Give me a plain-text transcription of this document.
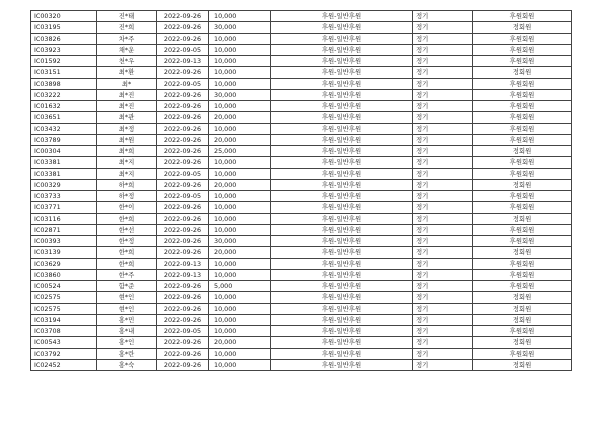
IC00320	진*태	2022-09-26	10,000	후원-일반후원	정기	후원회원
IC03195	진*희	2022-09-26	30,000	후원-일반후원	정기	정회원
IC03826	차*주	2022-09-26	10,000	후원-일반후원	정기	후원회원
IC03923	채*운	2022-09-05	10,000	후원-일반후원	정기	후원회원
IC01592	천*우	2022-09-13	10,000	후원-일반후원	정기	후원회원
IC03151	최*환	2022-09-26	10,000	후원-일반후원	정기	정회원
IC03898	최*	2022-09-05	10,000	후원-일반후원	정기	후원회원
IC03222	최*진	2022-09-26	30,000	후원-일반후원	정기	후원회원
IC01632	최*진	2022-09-26	10,000	후원-일반후원	정기	후원회원
IC03651	최*관	2022-09-26	20,000	후원-일반후원	정기	후원회원
IC03432	최*정	2022-09-26	10,000	후원-일반후원	정기	후원회원
IC03789	최*원	2022-09-26	20,000	후원-일반후원	정기	후원회원
IC00304	최*희	2022-09-26	25,000	후원-일반후원	정기	정회원
IC03381	최*지	2022-09-26	10,000	후원-일반후원	정기	후원회원
IC03381	최*지	2022-09-05	10,000	후원-일반후원	정기	후원회원
IC00329	하*희	2022-09-26	20,000	후원-일반후원	정기	정회원
IC03733	하*정	2022-09-05	10,000	후원-일반후원	정기	후원회원
IC03771	한*이	2022-09-26	10,000	후원-일반후원	정기	후원회원
IC03116	한*희	2022-09-26	10,000	후원-일반후원	정기	정회원
IC02871	한*선	2022-09-26	10,000	후원-일반후원	정기	후원회원
IC00393	한*정	2022-09-26	30,000	후원-일반후원	정기	후원회원
IC03139	한*희	2022-09-26	20,000	후원-일반후원	정기	정회원
IC03629	한*희	2022-09-13	10,000	후원-일반후원	정기	후원회원
IC03860	한*주	2022-09-13	10,000	후원-일반후원	정기	후원회원
IC00524	함*준	2022-09-26	5,000	후원-일반후원	정기	후원회원
IC02575	현*인	2022-09-26	10,000	후원-일반후원	정기	정회원
IC02575	현*인	2022-09-26	10,000	후원-일반후원	정기	정회원
IC03194	홍*민	2022-09-26	10,000	후원-일반후원	정기	정회원
IC03708	홍*내	2022-09-05	10,000	후원-일반후원	정기	후원회원
IC00543	홍*인	2022-09-26	20,000	후원-일반후원	정기	정회원
IC03792	홍*란	2022-09-26	10,000	후원-일반후원	정기	후원회원
IC02452	홍*숙	2022-09-26	10,000	후원-일반후원	정기	정회원
